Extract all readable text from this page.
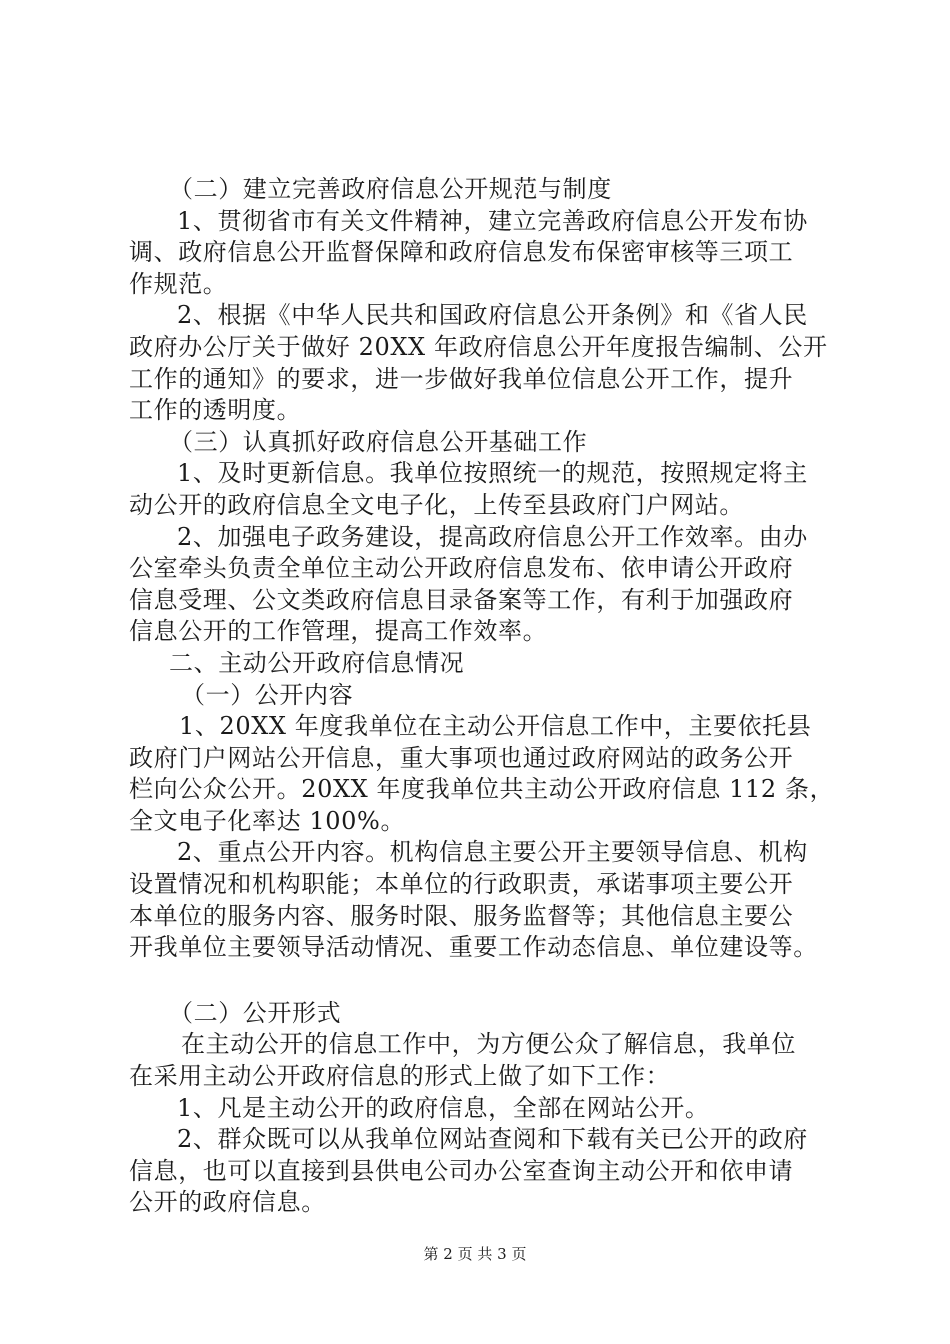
（二）建立完善政府信息公开规范与制度
1、贯彻省市有关文件精神，建立完善政府信息公开发布协
调、政府信息公开监督保障和政府信息发布保密审核等三项工
作规范。
2、根据《中华人民共和国政府信息公开条例》和《省人民
政府办公厅关于做好 20XX 年政府信息公开年度报告编制、公开
工作的通知》的要求，进一步做好我单位信息公开工作，提升
工作的透明度。
（三）认真抓好政府信息公开基础工作
1、及时更新信息。我单位按照统一的规范，按照规定将主
动公开的政府信息全文电子化，上传至县政府门户网站。
2、加强电子政务建设，提高政府信息公开工作效率。由办
公室牵头负责全单位主动公开政府信息发布、依申请公开政府
信息受理、公文类政府信息目录备案等工作，有利于加强政府
信息公开的工作管理，提高工作效率。
二、主动公开政府信息情况
（一）公开内容
1、20XX 年度我单位在主动公开信息工作中，主要依托县
政府门户网站公开信息，重大事项也通过政府网站的政务公开
栏向公众公开。20XX 年度我单位共主动公开政府信息 112 条，
全文电子化率达 100%。
2、重点公开内容。机构信息主要公开主要领导信息、机构
设置情况和机构职能；本单位的行政职责，承诺事项主要公开
本单位的服务内容、服务时限、服务监督等；其他信息主要公
开我单位主要领导活动情况、重要工作动态信息、单位建设等。
（二）公开形式
在主动公开的信息工作中，为方便公众了解信息，我单位
在采用主动公开政府信息的形式上做了如下工作：
1、凡是主动公开的政府信息，全部在网站公开。
2、群众既可以从我单位网站查阅和下载有关已公开的政府
信息，也可以直接到县供电公司办公室查询主动公开和依申请
公开的政府信息。
第 2 页 共 3 页
